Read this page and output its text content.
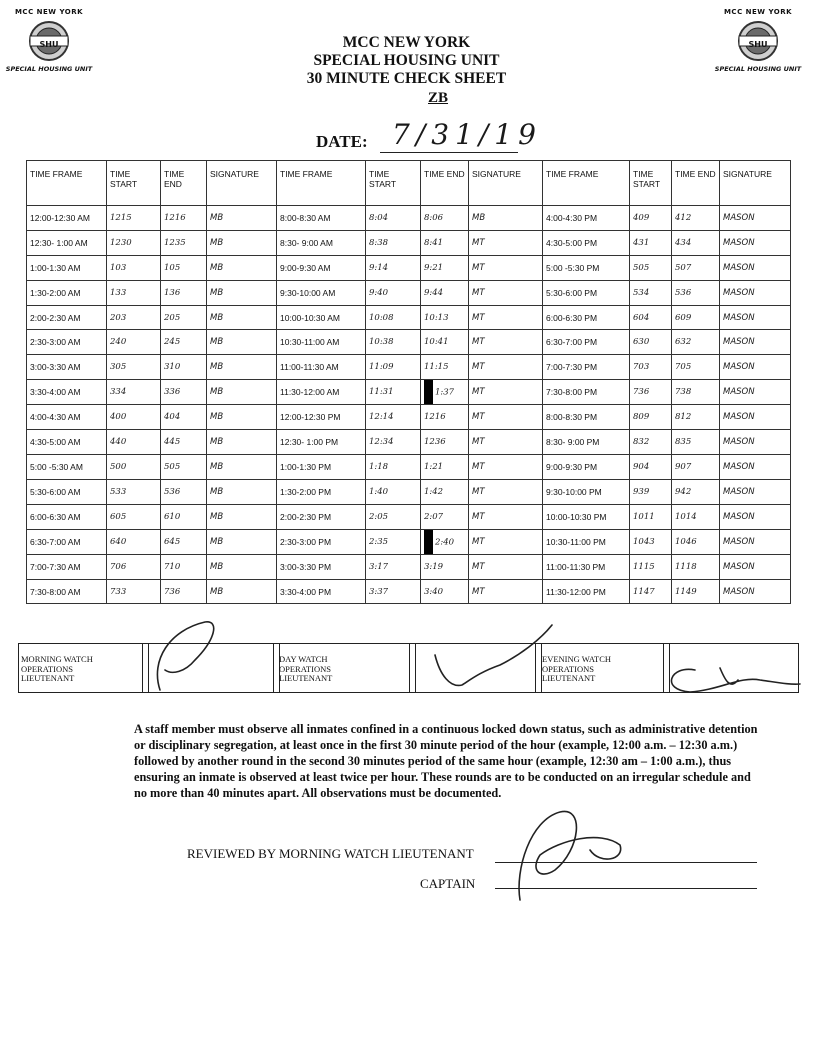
MCC NEW YORK
SPECIAL HOUSING UNIT
MCC NEW YORK
SPECIAL HOUSING UNIT
SHU	SHU
MCC NEW YORK
SPECIAL HOUSING UNIT
30 MINUTE CHECK SHEET
ZB
DATE: 7/31/19
TIME FRAME	TIME START	TIME END	SIGNATURE	TIME FRAME	TIME START	TIME END	SIGNATURE	TIME FRAME	TIME START	TIME END	SIGNATURE
12:00-12:30 AM	1215	1216	MB	8:00-8:30 AM	8:04	8:06	MB	4:00-4:30 PM	409	412	MASON
12:30- 1:00 AM	1230	1235	MB	8:30- 9:00 AM	8:38	8:41	MT	4:30-5:00 PM	431	434	MASON
1:00-1:30 AM	103	105	MB	9:00-9:30 AM	9:14	9:21	MT	5:00 -5:30 PM	505	507	MASON
1:30-2:00 AM	133	136	MB	9:30-10:00 AM	9:40	9:44	MT	5:30-6:00 PM	534	536	MASON
2:00-2:30 AM	203	205	MB	10:00-10:30 AM	10:08	10:13	MT	6:00-6:30 PM	604	609	MASON
2:30-3:00 AM	240	245	MB	10:30-11:00 AM	10:38	10:41	MT	6:30-7:00 PM	630	632	MASON
3:00-3:30 AM	305	310	MB	11:00-11:30 AM	11:09	11:15	MT	7:00-7:30 PM	703	705	MASON
3:30-4:00 AM	334	336	MB	11:30-12:00 AM	11:31	1:37	MT	7:30-8:00 PM	736	738	MASON
4:00-4:30 AM	400	404	MB	12:00-12:30 PM	12:14	1216	MT	8:00-8:30 PM	809	812	MASON
4:30-5:00 AM	440	445	MB	12:30- 1:00 PM	12:34	1236	MT	8:30- 9:00 PM	832	835	MASON
5:00 -5:30 AM	500	505	MB	1:00-1:30 PM	1:18	1:21	MT	9:00-9:30 PM	904	907	MASON
5:30-6:00 AM	533	536	MB	1:30-2:00 PM	1:40	1:42	MT	9:30-10:00 PM	939	942	MASON
6:00-6:30 AM	605	610	MB	2:00-2:30 PM	2:05	2:07	MT	10:00-10:30 PM	1011	1014	MASON
6:30-7:00 AM	640	645	MB	2:30-3:00 PM	2:35	2:40	MT	10:30-11:00 PM	1043	1046	MASON
7:00-7:30 AM	706	710	MB	3:00-3:30 PM	3:17	3:19	MT	11:00-11:30 PM	1115	1118	MASON
7:30-8:00 AM	733	736	MB	3:30-4:00 PM	3:37	3:40	MT	11:30-12:00 PM	1147	1149	MASON
MORNING WATCH
OPERATIONS
LIEUTENANT
DAY WATCH
OPERATIONS
LIEUTENANT
EVENING WATCH
OPERATIONS
LIEUTENANT
A staff member must observe all inmates confined in a continuous locked down status, such as administrative detention or disciplinary segregation, at least once in the first 30 minute period of the hour (example, 12:00 a.m. – 12:30 a.m.) followed by another round in the second 30 minutes period of the same hour (example, 12:30 am – 1:00 a.m.), thus ensuring an inmate is observed at least twice per hour. These rounds are to be conducted on an irregular schedule and no more than 40 minutes apart. All observations must be documented.
REVIEWED BY MORNING WATCH LIEUTENANT
CAPTAIN
